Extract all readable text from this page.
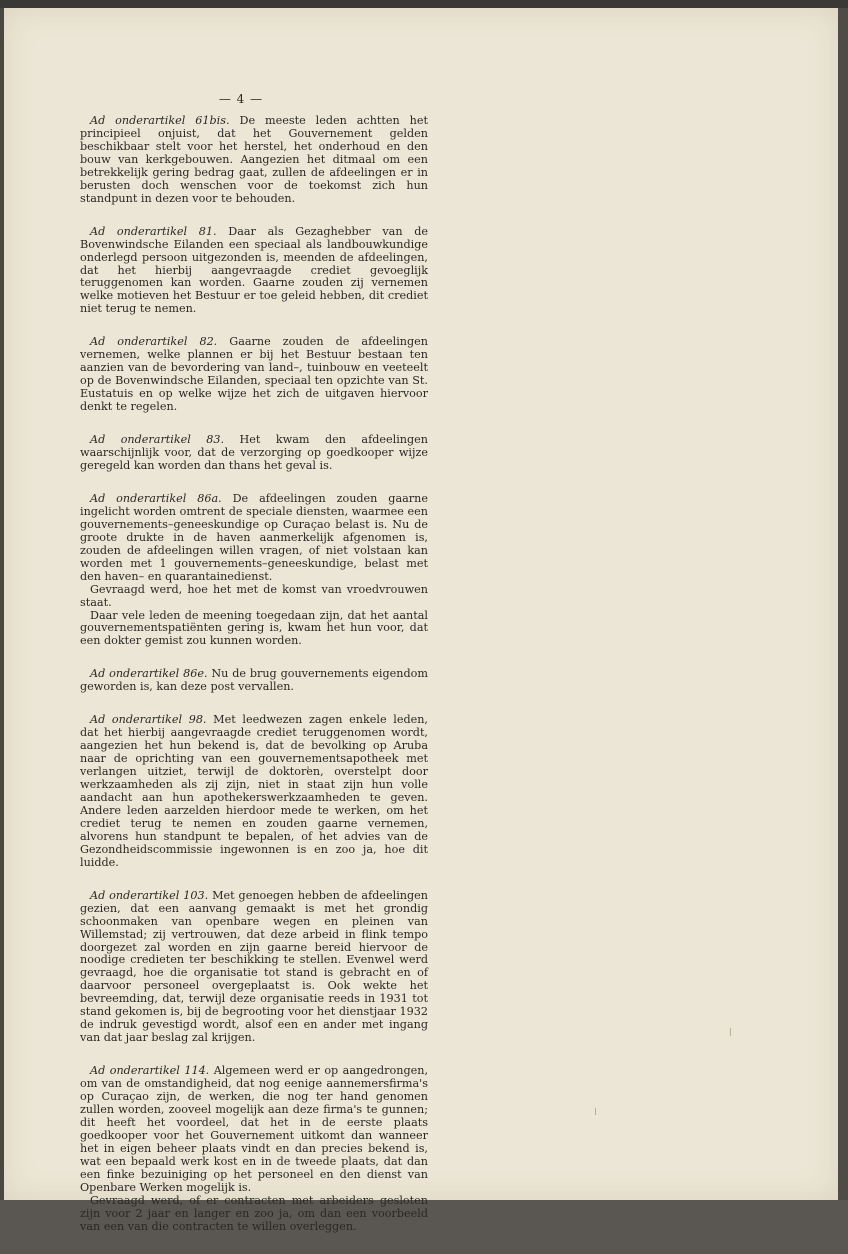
— 4 —

Ad onderartikel 61bis. De meeste leden achtten het principieel onjuist, dat het Gouvernement gelden beschikbaar stelt voor het herstel, het onderhoud en den bouw van kerkgebouwen. Aangezien het ditmaal om een betrekkelijk gering bedrag gaat, zullen de afdeelingen er in berusten doch wenschen voor de toekomst zich hun standpunt in dezen voor te behouden.

Ad onderartikel 81. Daar als Gezaghebber van de Bovenwindsche Eilanden een speciaal als landbouwkundige onderlegd persoon uitgezonden is, meenden de afdeelingen, dat het hierbij aangevraagde crediet gevoeglijk teruggenomen kan worden. Gaarne zouden zij vernemen welke motieven het Bestuur er toe geleid hebben, dit crediet niet terug te nemen.

Ad onderartikel 82. Gaarne zouden de afdeelingen vernemen, welke plannen er bij het Bestuur bestaan ten aanzien van de bevordering van land–, tuinbouw en veeteelt op de Bovenwindsche Eilanden, speciaal ten opzichte van St. Eustatuis en op welke wijze het zich de uitgaven hiervoor denkt te regelen.

Ad onderartikel 83. Het kwam den afdeelingen waarschijnlijk voor, dat de verzorging op goedkooper wijze geregeld kan worden dan thans het geval is.

Ad onderartikel 86a. De afdeelingen zouden gaarne ingelicht worden omtrent de speciale diensten, waarmee een gouvernements–geneeskundige op Curaçao belast is. Nu de groote drukte in de haven aanmerkelijk afgenomen is, zouden de afdeelingen willen vragen, of niet volstaan kan worden met 1 gouvernements–geneeskundige, belast met den haven– en quarantainedienst.

Gevraagd werd, hoe het met de komst van vroedvrouwen staat.

Daar vele leden de meening toegedaan zijn, dat het aantal gouvernementspatiënten gering is, kwam het hun voor, dat een dokter gemist zou kunnen worden.

Ad onderartikel 86e. Nu de brug gouvernements eigendom geworden is, kan deze post vervallen.

Ad onderartikel 98. Met leedwezen zagen enkele leden, dat het hierbij aangevraagde crediet teruggenomen wordt, aangezien het hun bekend is, dat de bevolking op Aruba naar de oprichting van een gouvernementsapotheek met verlangen uitziet, terwijl de doktoren, overstelpt door werkzaamheden als zij zijn, niet in staat zijn hun volle aandacht aan hun apothekerswerkzaamheden te geven. Andere leden aarzelden hierdoor mede te werken, om het crediet terug te nemen en zouden gaarne vernemen, alvorens hun standpunt te bepalen, of het advies van de Gezondheidscommissie ingewonnen is en zoo ja, hoe dit luidde.

Ad onderartikel 103. Met genoegen hebben de afdeelingen gezien, dat een aanvang gemaakt is met het grondig schoonmaken van openbare wegen en pleinen van Willemstad; zij vertrouwen, dat deze arbeid in flink tempo doorgezet zal worden en zijn gaarne bereid hiervoor de noodige credieten ter beschikking te stellen. Evenwel werd gevraagd, hoe die organisatie tot stand is gebracht en of daarvoor personeel overgeplaatst is. Ook wekte het bevreemding, dat, terwijl deze organisatie reeds in 1931 tot stand gekomen is, bij de begrooting voor het dienstjaar 1932 de indruk gevestigd wordt, alsof een en ander met ingang van dat jaar beslag zal krijgen.

Ad onderartikel 114. Algemeen werd er op aangedrongen, om van de omstandigheid, dat nog eenige aannemersfirma's op Curaçao zijn, de werken, die nog ter hand genomen zullen worden, zooveel mogelijk aan deze firma's te gunnen; dit heeft het voordeel, dat het in de eerste plaats goedkooper voor het Gouvernement uitkomt dan wanneer het in eigen beheer plaats vindt en dan precies bekend is, wat een bepaald werk kost en in de tweede plaats, dat dan een finke bezuiniging op het personeel en den dienst van Openbare Werken mogelijk is.

Gevraagd werd, of er contracten met arbeiders gesloten zijn voor 2 jaar en langer en zoo ja, om dan een voorbeeld van een van die contracten te willen overleggen.
